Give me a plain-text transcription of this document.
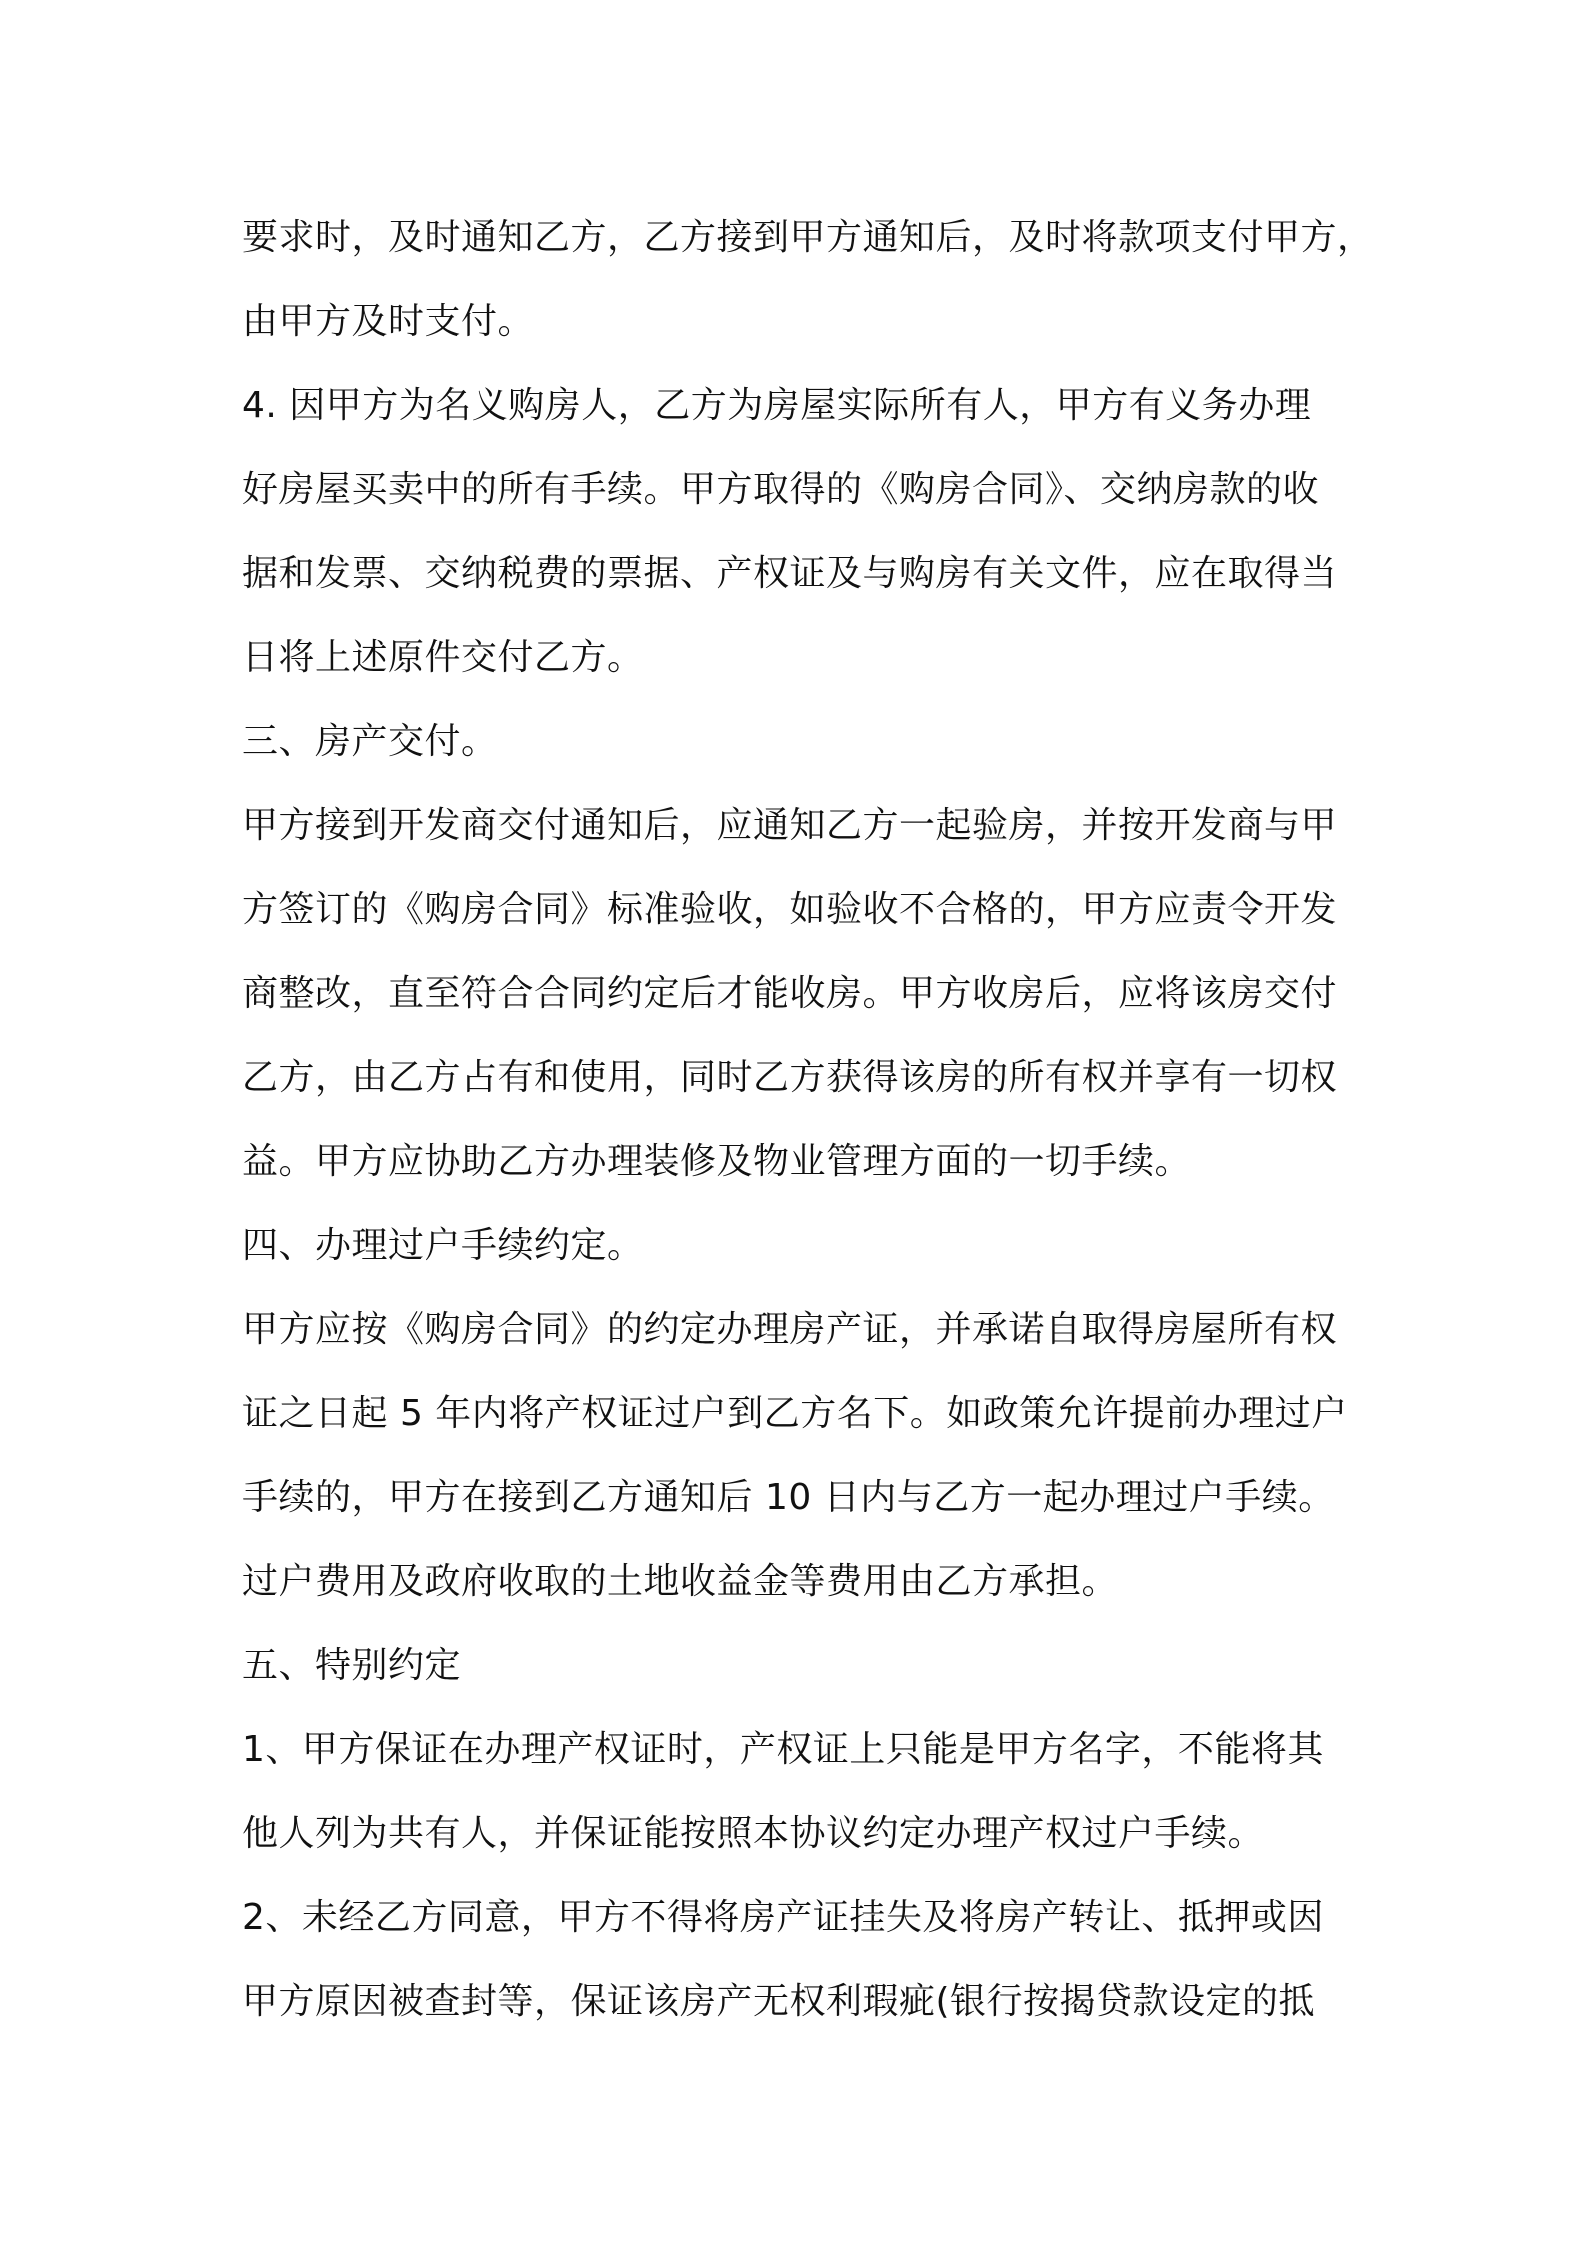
要求时，及时通知乙方，乙方接到甲方通知后，及时将款项支付甲方，
由甲方及时支付。
4. 因甲方为名义购房人，乙方为房屋实际所有人，甲方有义务办理
好房屋买卖中的所有手续。甲方取得的《购房合同》、交纳房款的收
据和发票、交纳税费的票据、产权证及与购房有关文件，应在取得当
日将上述原件交付乙方。
三、房产交付。
甲方接到开发商交付通知后，应通知乙方一起验房，并按开发商与甲
方签订的《购房合同》标准验收，如验收不合格的，甲方应责令开发
商整改，直至符合合同约定后才能收房。甲方收房后，应将该房交付
乙方，由乙方占有和使用，同时乙方获得该房的所有权并享有一切权
益。甲方应协助乙方办理装修及物业管理方面的一切手续。
四、办理过户手续约定。
甲方应按《购房合同》的约定办理房产证，并承诺自取得房屋所有权
证之日起 5 年内将产权证过户到乙方名下。如政策允许提前办理过户
手续的，甲方在接到乙方通知后 10 日内与乙方一起办理过户手续。
过户费用及政府收取的土地收益金等费用由乙方承担。
五、特别约定
1、甲方保证在办理产权证时，产权证上只能是甲方名字，不能将其
他人列为共有人，并保证能按照本协议约定办理产权过户手续。
2、未经乙方同意，甲方不得将房产证挂失及将房产转让、抵押或因
甲方原因被查封等，保证该房产无权利瑕疵(银行按揭贷款设定的抵
